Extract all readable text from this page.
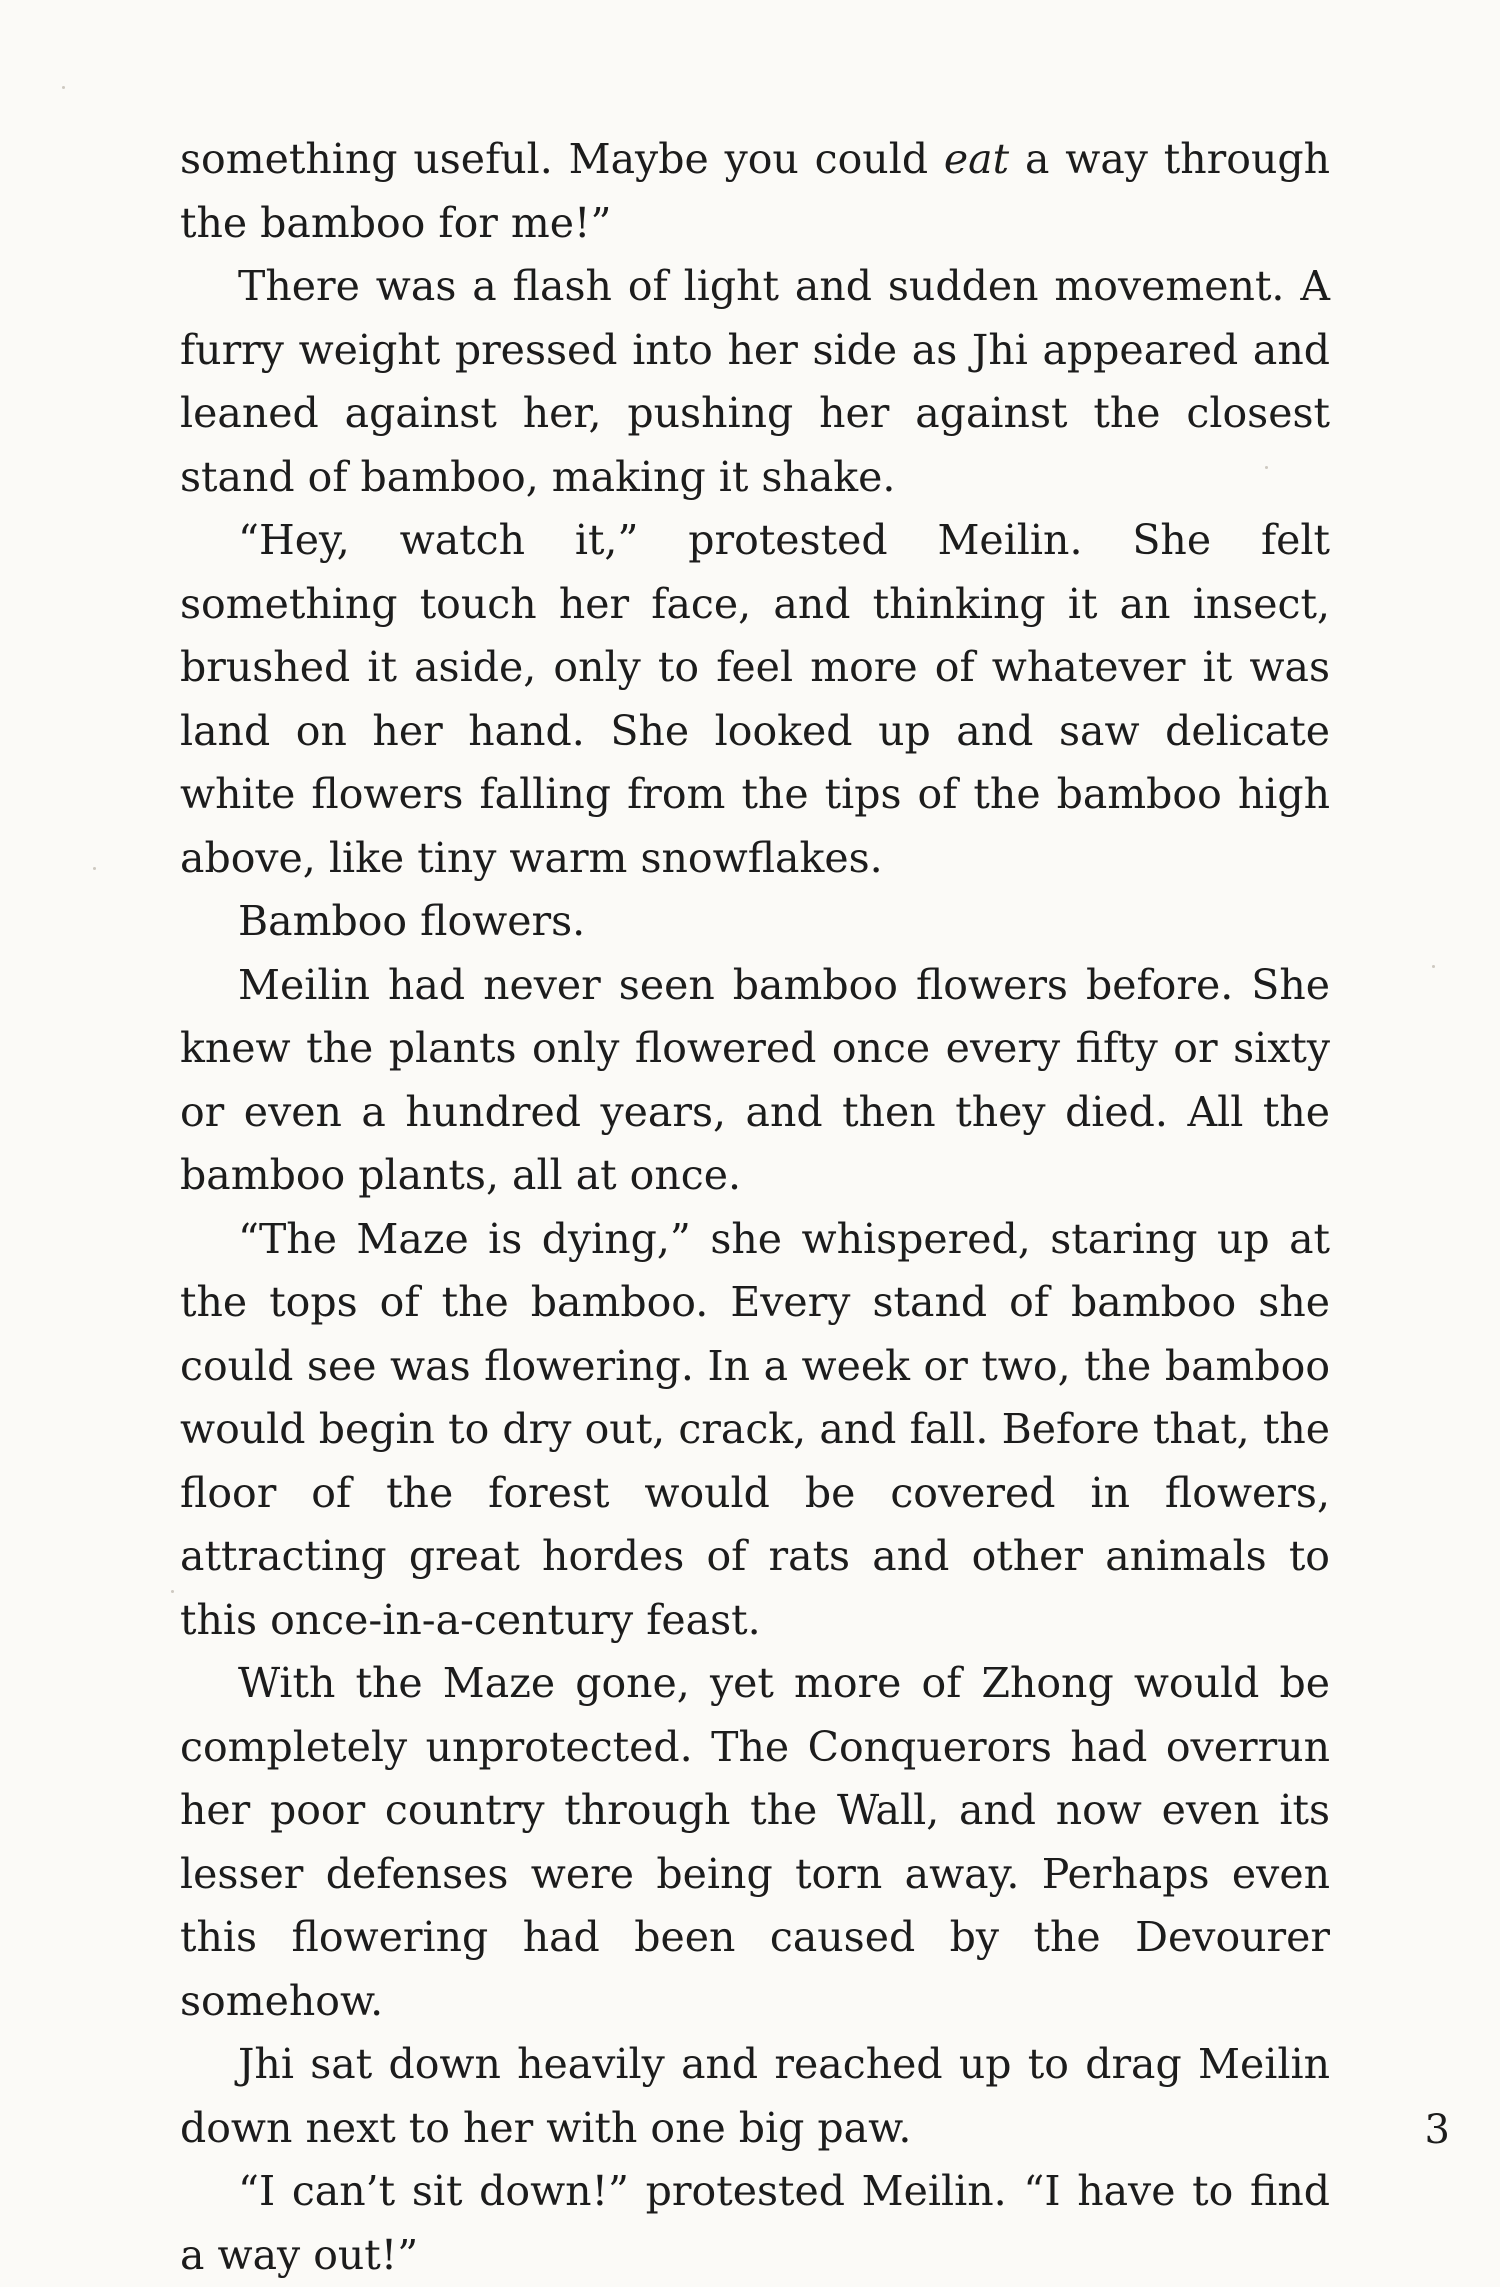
something useful. Maybe you could eat a way through the bamboo for me!”

There was a flash of light and sudden movement. A furry weight pressed into her side as Jhi appeared and leaned against her, pushing her against the closest stand of bamboo, making it shake.

“Hey, watch it,” protested Meilin. She felt something touch her face, and thinking it an insect, brushed it aside, only to feel more of whatever it was land on her hand. She looked up and saw delicate white flowers falling from the tips of the bamboo high above, like tiny warm snowflakes.

Bamboo flowers.

Meilin had never seen bamboo flowers before. She knew the plants only flowered once every fifty or sixty or even a hundred years, and then they died. All the bamboo plants, all at once.

“The Maze is dying,” she whispered, staring up at the tops of the bamboo. Every stand of bamboo she could see was flowering. In a week or two, the bamboo would begin to dry out, crack, and fall. Before that, the floor of the forest would be covered in flowers, attracting great hordes of rats and other animals to this once-in-a-century feast.

With the Maze gone, yet more of Zhong would be completely unprotected. The Conquerors had overrun her poor country through the Wall, and now even its lesser defenses were being torn away. Perhaps even this flowering had been caused by the Devourer somehow.

Jhi sat down heavily and reached up to drag Meilin down next to her with one big paw.

“I can’t sit down!” protested Meilin. “I have to find a way out!”

3
